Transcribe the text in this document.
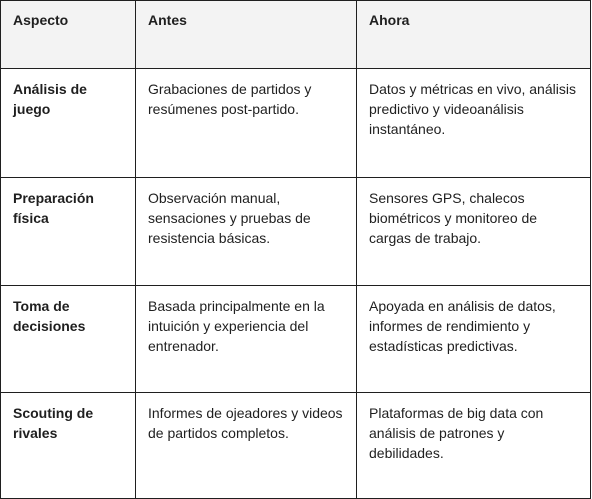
Aspecto	Antes	Ahora
Análisis de juego	Grabaciones de partidos y resúmenes post-partido.	Datos y métricas en vivo, análisis predictivo y videoanálisis instantáneo.
Preparación física	Observación manual, sensaciones y pruebas de resistencia básicas.	Sensores GPS, chalecos biométricos y monitoreo de cargas de trabajo.
Toma de decisiones	Basada principalmente en la intuición y experiencia del entrenador.	Apoyada en análisis de datos, informes de rendimiento y estadísticas predictivas.
Scouting de rivales	Informes de ojeadores y videos de partidos completos.	Plataformas de big data con análisis de patrones y debilidades.
